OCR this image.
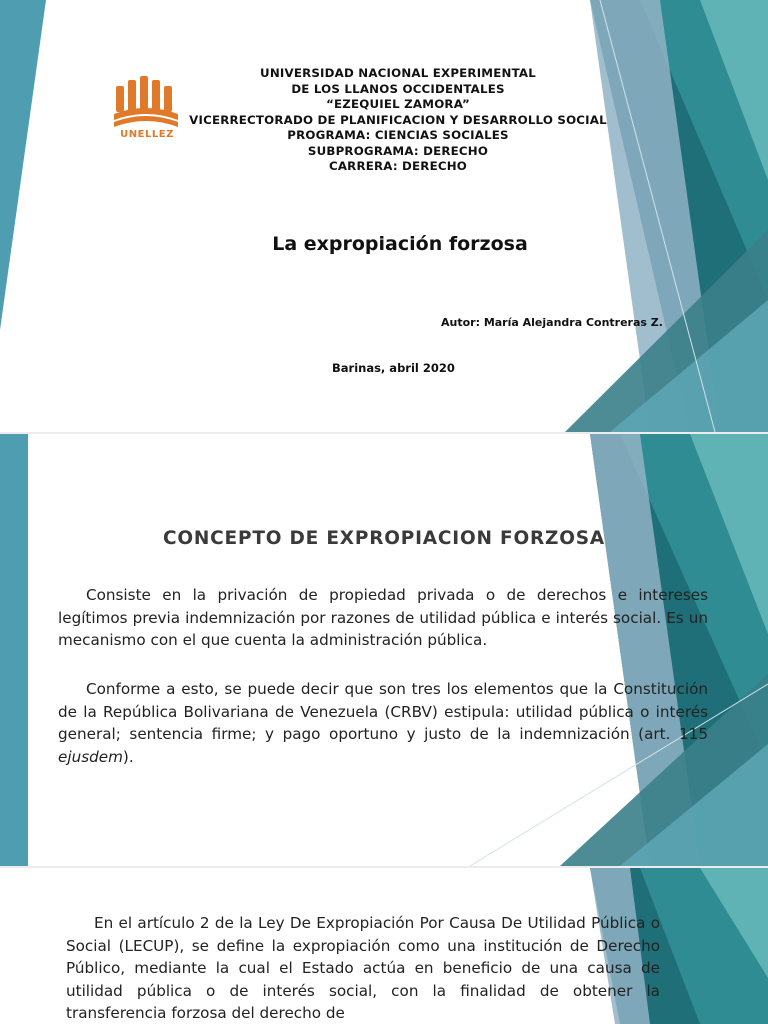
UNELLEZ
UNIVERSIDAD NACIONAL EXPERIMENTAL
DE LOS LLANOS OCCIDENTALES
“EZEQUIEL ZAMORA”
VICERRECTORADO DE PLANIFICACION Y DESARROLLO SOCIAL
PROGRAMA: CIENCIAS SOCIALES
SUBPROGRAMA: DERECHO
CARRERA: DERECHO
La expropiación forzosa
Autor: María Alejandra Contreras Z.
Barinas, abril 2020
CONCEPTO DE EXPROPIACION FORZOSA
Consiste en la privación de propiedad privada o de derechos e intereses legítimos previa indemnización por razones de utilidad pública e interés social. Es un mecanismo con el que cuenta la administración pública.
Conforme a esto, se puede decir que son tres los elementos que la Constitución de la República Bolivariana de Venezuela (CRBV) estipula: utilidad pública o interés general; sentencia firme; y pago oportuno y justo de la indemnización (art. 115 ejusdem).
En el artículo 2 de la Ley De Expropiación Por Causa De Utilidad Pública o Social (LECUP), se define la expropiación como una institución de Derecho Público, mediante la cual el Estado actúa en beneficio de una causa de utilidad pública o de interés social, con la finalidad de obtener la transferencia forzosa del derecho de
